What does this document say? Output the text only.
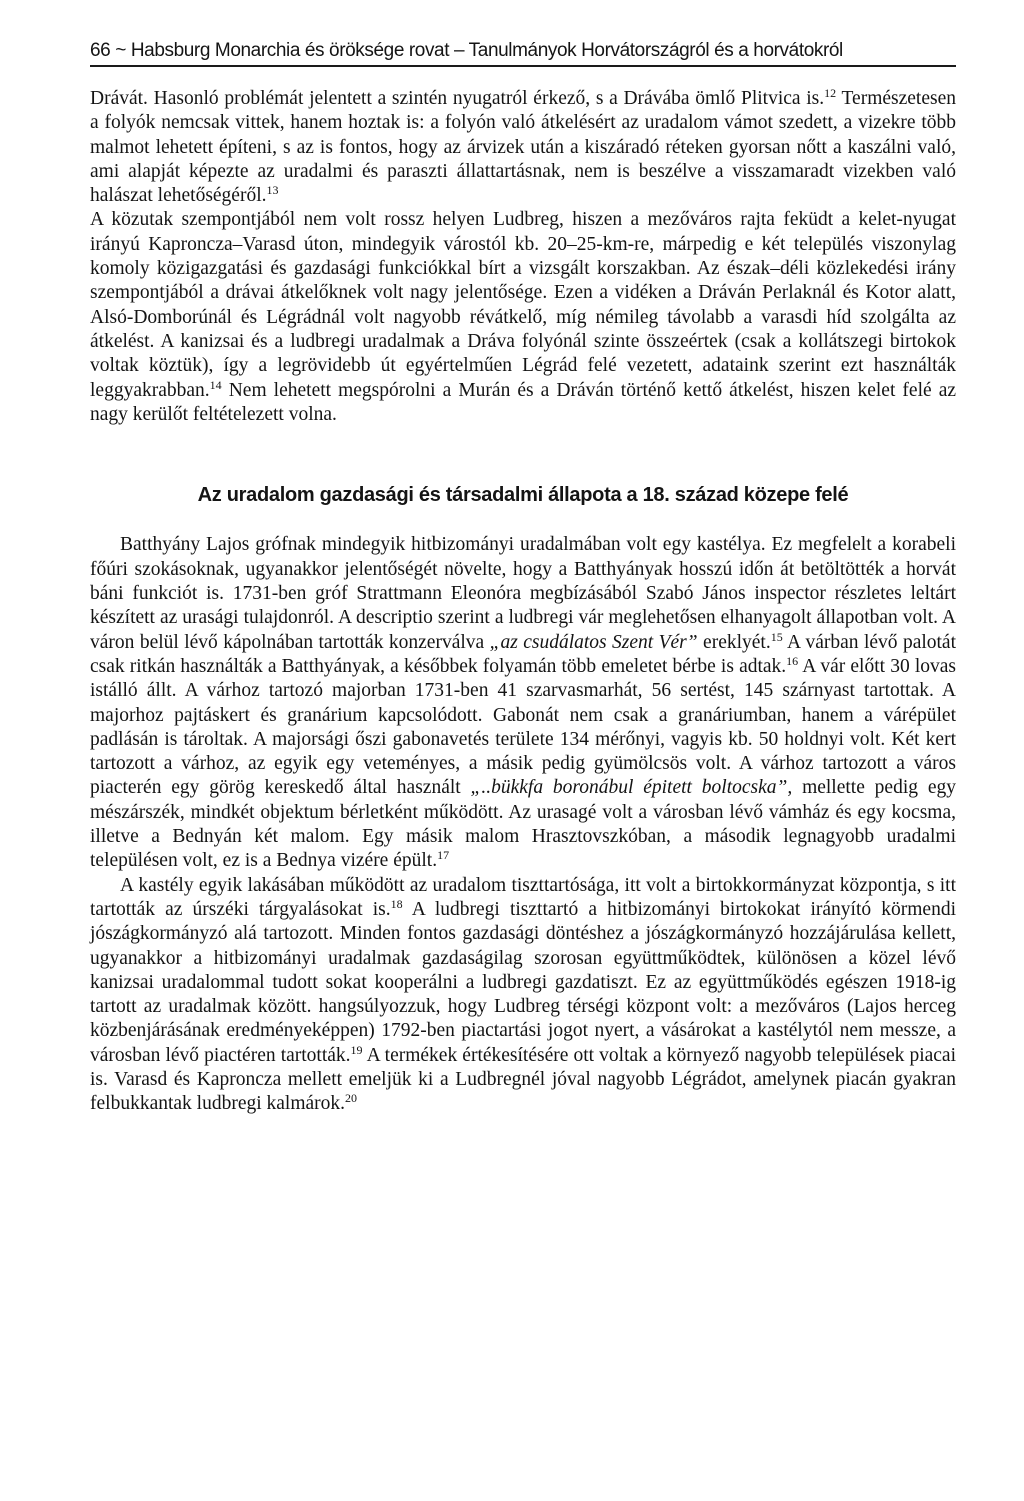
66 ~ Habsburg Monarchia és öröksége rovat – Tanulmányok Horvátországról és a horvátokról

Drávát. Hasonló problémát jelentett a szintén nyugatról érkező, s a Drávába ömlő Plitvica is.$^{12}$ Természetesen a folyók nemcsak vittek, hanem hoztak is: a folyón való átkelésért az uradalom vámot szedett, a vizekre több malmot lehetett építeni, s az is fontos, hogy az árvizek után a kiszáradó réteken gyorsan nőtt a kaszálni való, ami alapját képezte az uradalmi és paraszti állattartásnak, nem is beszélve a visszamaradt vizekben való halászat lehetőségéről.$^{13}$

A közutak szempontjából nem volt rossz helyen Ludbreg, hiszen a mezőváros rajta feküdt a kelet-nyugat irányú Kaproncza–Varasd úton, mindegyik várostól kb. 20–25-km-re, márpedig e két település viszonylag komoly közigazgatási és gazdasági funkciókkal bírt a vizsgált korszakban. Az észak–déli közlekedési irány szempontjából a drávai átkelőknek volt nagy jelentősége. Ezen a vidéken a Dráván Perlaknál és Kotor alatt, Alsó-Domborúnál és Légrádnál volt nagyobb révátkelő, míg némileg távolabb a varasdi híd szolgálta az átkelést. A kanizsai és a ludbregi uradalmak a Dráva folyónál szinte összeértek (csak a kollátszegi birtokok voltak köztük), így a legrövidebb út egyértelműen Légrád felé vezetett, adataink szerint ezt használták leggyakrabban.$^{14}$ Nem lehetett megspórolni a Murán és a Dráván történő kettő átkelést, hiszen kelet felé az nagy kerülőt feltételezett volna.

Az uradalom gazdasági és társadalmi állapota a 18. század közepe felé

Batthyány Lajos grófnak mindegyik hitbizományi uradalmában volt egy kastélya. Ez megfelelt a korabeli főúri szokásoknak, ugyanakkor jelentőségét növelte, hogy a Batthyányak hosszú időn át betöltötték a horvát báni funkciót is. 1731-ben gróf Strattmann Eleonóra megbízásából Szabó János inspector részletes leltárt készített az urasági tulajdonról. A descriptio szerint a ludbregi vár meglehetősen elhanyagolt állapotban volt. A váron belül lévő kápolnában tartották konzerválva „az csudálatos Szent Vér” ereklyét.$^{15}$ A várban lévő palotát csak ritkán használták a Batthyányak, a későbbek folyamán több emeletet bérbe is adtak.$^{16}$ A vár előtt 30 lovas istálló állt. A várhoz tartozó majorban 1731-ben 41 szarvasmarhát, 56 sertést, 145 szárnyast tartottak. A majorhoz pajtáskert és granárium kapcsolódott. Gabonát nem csak a granáriumban, hanem a várépület padlásán is tároltak. A majorsági őszi gabonavetés területe 134 mérőnyi, vagyis kb. 50 holdnyi volt. Két kert tartozott a várhoz, az egyik egy veteményes, a másik pedig gyümölcsös volt. A várhoz tartozott a város piacterén egy görög kereskedő által használt „..bükkfa boronábul épitett boltocska”, mellette pedig egy mészárszék, mindkét objektum bérletként működött. Az urasagé volt a városban lévő vámház és egy kocsma, illetve a Bednyán két malom. Egy másik malom Hrasztovszkóban, a második legnagyobb uradalmi településen volt, ez is a Bednya vizére épült.$^{17}$

A kastély egyik lakásában működött az uradalom tiszttartósága, itt volt a birtokkormányzat központja, s itt tartották az úrszéki tárgyalásokat is.$^{18}$ A ludbregi tiszttartó a hitbizományi birtokokat irányító körmendi jószágkormányzó alá tartozott. Minden fontos gazdasági döntéshez a jószágkormányzó hozzájárulása kellett, ugyanakkor a hitbizományi uradalmak gazdaságilag szorosan együttműködtek, különösen a közel lévő kanizsai uradalommal tudott sokat kooperálni a ludbregi gazdatiszt. Ez az együttműködés egészen 1918-ig tartott az uradalmak között. hangsúlyozzuk, hogy Ludbreg térségi központ volt: a mezőváros (Lajos herceg közbenjárásának eredményeképpen) 1792-ben piactartási jogot nyert, a vásárokat a kastélytól nem messze, a városban lévő piactéren tartották.$^{19}$ A termékek értékesítésére ott voltak a környező nagyobb települések piacai is. Varasd és Kaproncza mellett emeljük ki a Ludbregnél jóval nagyobb Légrádot, amelynek piacán gyakran felbukkantak ludbregi kalmárok.$^{20}$
